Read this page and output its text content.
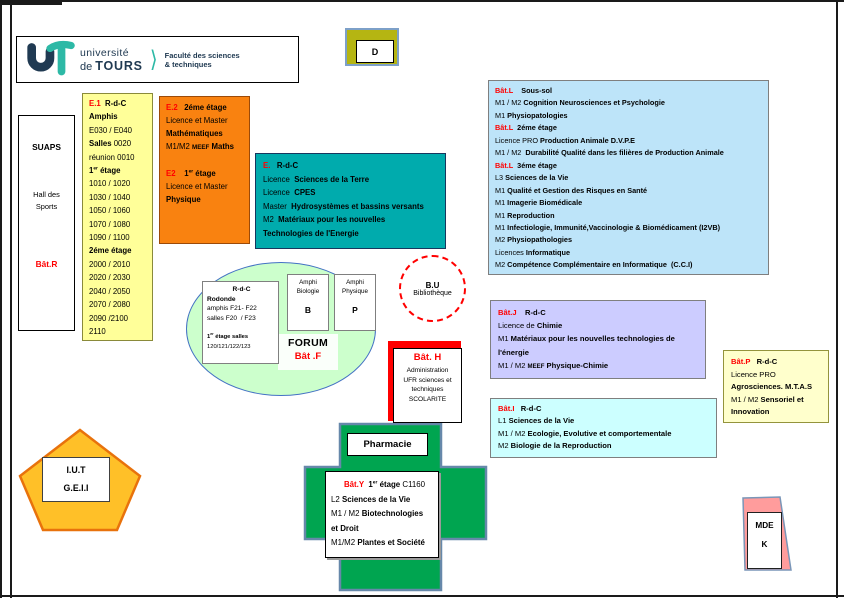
université
de TOURS ⟩ Faculté des sciences
& techniques
D
SUAPS
Hall des
Sports
Bât.R
E.1  R-d-C
Amphis
E030 / E040
Salles 0020
réunion 0010
1er étage
1010 / 1020
1030 / 1040
1050 / 1060
1070 / 1080
1090 / 1100
2éme étage
2000 / 2010
2020 / 2030
2040 / 2050
2070 / 2080
2090 /2100
2110
E.2   2éme étage
Licence et Master
Mathématiques
M1/M2 MEEF Maths

E2    1er étage
Licence et Master
Physique
E.   R-d-C
Licence  Sciences de la Terre
Licence  CPES
Master  Hydrosystèmes et bassins versants
M2  Matériaux pour les nouvelles
Technologies de l'Energie
Bât.L    Sous-sol
M1 / M2 Cognition Neurosciences et Psychologie
M1 Physiopatologies
Bât.L  2éme étage
Licence PRO Production Animale D.V.P.E
M1 / M2  Durabilité Qualité dans les filières de Production Animale
Bât.L  3éme étage
L3 Sciences de la Vie
M1 Qualité et Gestion des Risques en Santé
M1 Imagerie Biomédicale
M1 Reproduction
M1 Infectiologie, Immunité,Vaccinologie & Biomédicament (I2VB)
M2 Physiopathologies
Licences Informatique
M2 Compétence Complémentaire en Informatique  (C.C.I)
R-d-C
Rodonde
amphis F21- F22
salles F20  / F23

1er étage salles
120/121/122/123
Amphi
Biologie
B
Amphi
Physique
P
FORUM
Bât .F
B.U
Bibliothèque
Bât. H
Administration
UFR sciences et
techniques
SCOLARITE
Bât.J    R-d-C
Licence de Chimie
M1 Matériaux pour les nouvelles technologies de
l'énergie
M1 / M2 MEEF Physique-Chimie
Bât.I   R-d-C
L1 Sciences de la Vie
M1 / M2 Ecologie, Evolutive et comportementale
M2 Biologie de la Reproduction
Bât.P   R-d-C
Licence PRO
Agrosciences. M.T.A.S
M1 / M2 Sensoriel et
Innovation
Pharmacie
Bât.Y  1er étage C1160
L2 Sciences de la Vie
M1 / M2 Biotechnologies
et Droit
M1/M2 Plantes et Société
I.U.T
G.E.I.I
MDE
K
